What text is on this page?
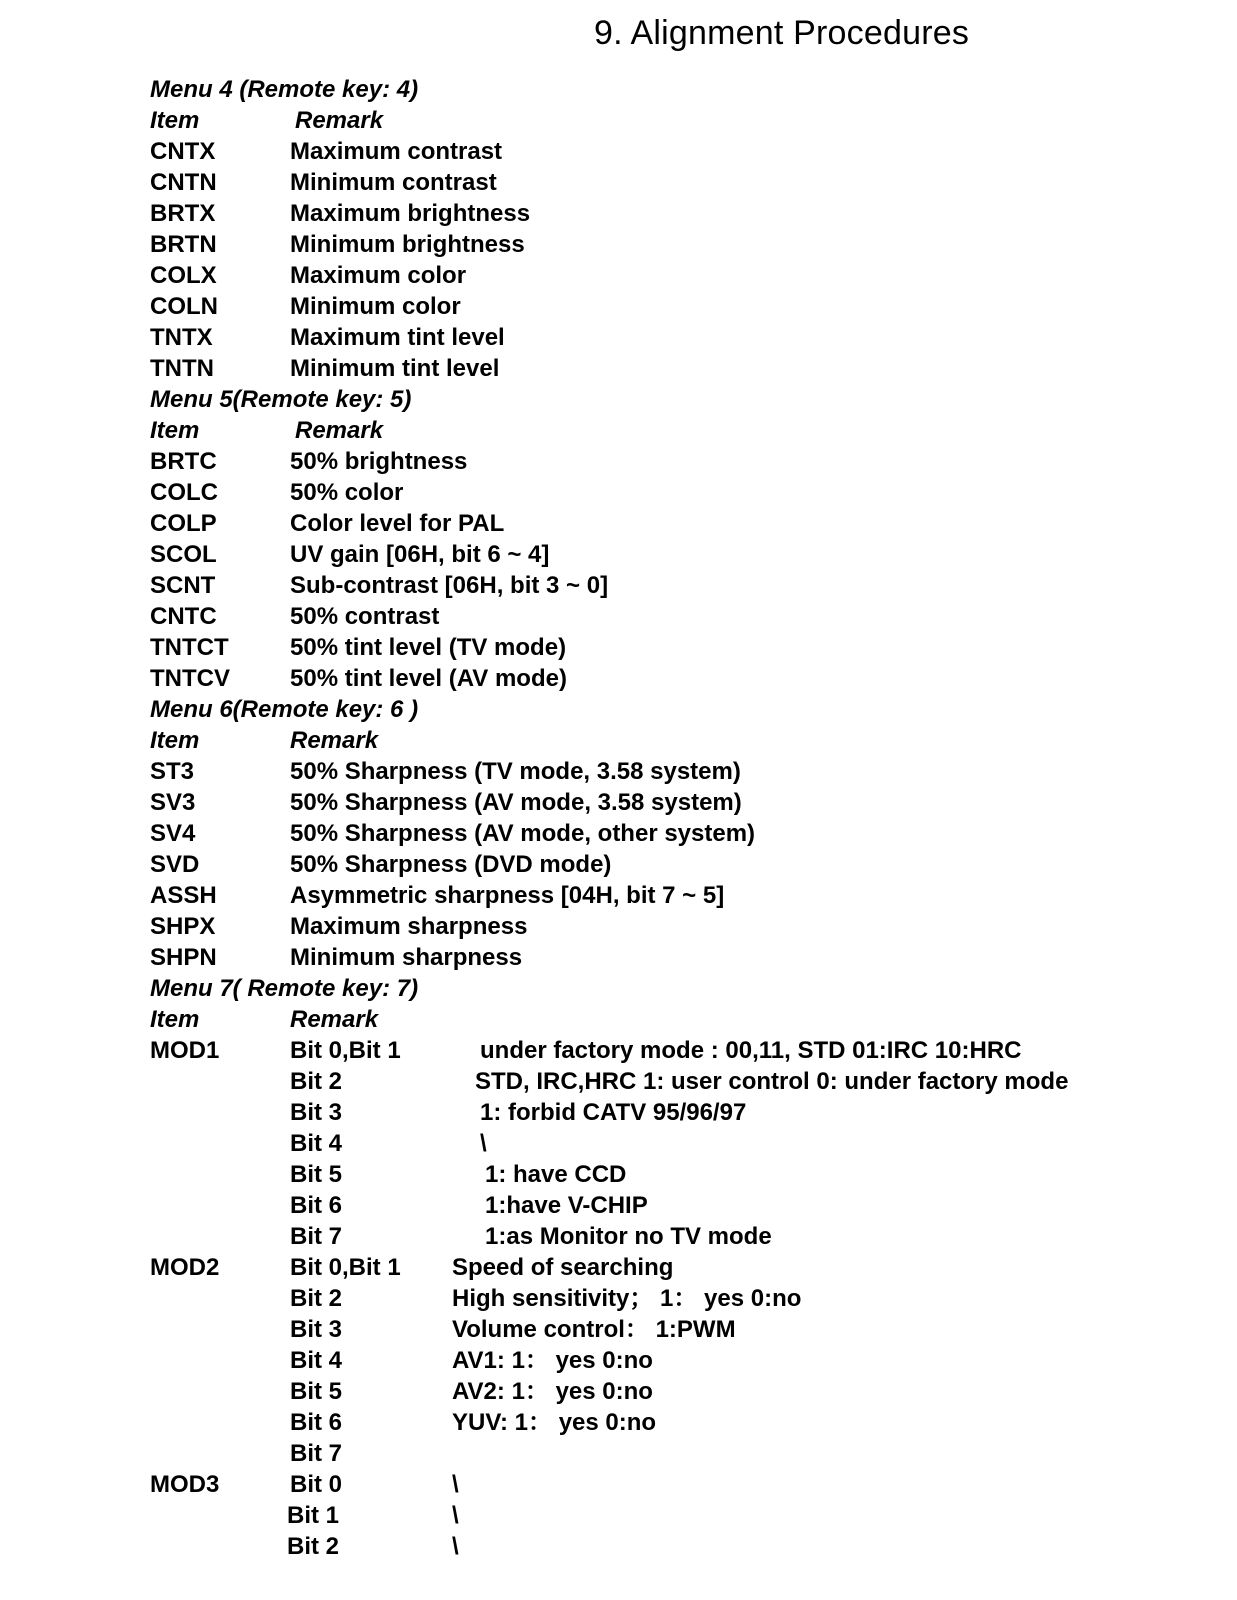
9. Alignment Procedures
Menu 4 (Remote key: 4)
Item	Remark
CNTX	Maximum contrast
CNTN	Minimum contrast
BRTX	Maximum brightness
BRTN	Minimum brightness
COLX	Maximum color
COLN	Minimum color
TNTX	Maximum tint level
TNTN	Minimum tint level
Menu 5(Remote key: 5)
Item	Remark
BRTC	50% brightness
COLC	50% color
COLP	Color level for PAL
SCOL	UV gain [06H, bit 6 ~ 4]
SCNT	Sub-contrast [06H, bit 3 ~ 0]
CNTC	50% contrast
TNTCT	50% tint level (TV mode)
TNTCV	50% tint level (AV mode)
Menu 6(Remote key: 6 )
Item	Remark
ST3	50% Sharpness (TV mode, 3.58 system)
SV3	50% Sharpness (AV mode, 3.58 system)
SV4	50% Sharpness (AV mode, other system)
SVD	50% Sharpness (DVD mode)
ASSH	Asymmetric sharpness [04H, bit 7 ~ 5]
SHPX	Maximum sharpness
SHPN	Minimum sharpness
Menu 7( Remote key: 7)
Item	Remark
MOD1	Bit 0,Bit 1	under factory mode : 00,11, STD 01:IRC 10:HRC
Bit 2	STD, IRC,HRC 1: user control 0: under factory mode
Bit 3	1: forbid CATV 95/96/97
Bit 4	\
Bit 5	1: have CCD
Bit 6	1:have V-CHIP
Bit 7	1:as Monitor no TV mode
MOD2	Bit 0,Bit 1 Speed of searching
Bit 2	High sensitivity； 1： yes 0:no
Bit 3	Volume control： 1:PWM
Bit 4	AV1: 1： yes 0:no
Bit 5	AV2: 1： yes 0:no
Bit 6	YUV: 1： yes 0:no
Bit 7
MOD3	Bit 0	\
Bit 1	\
Bit 2	\
